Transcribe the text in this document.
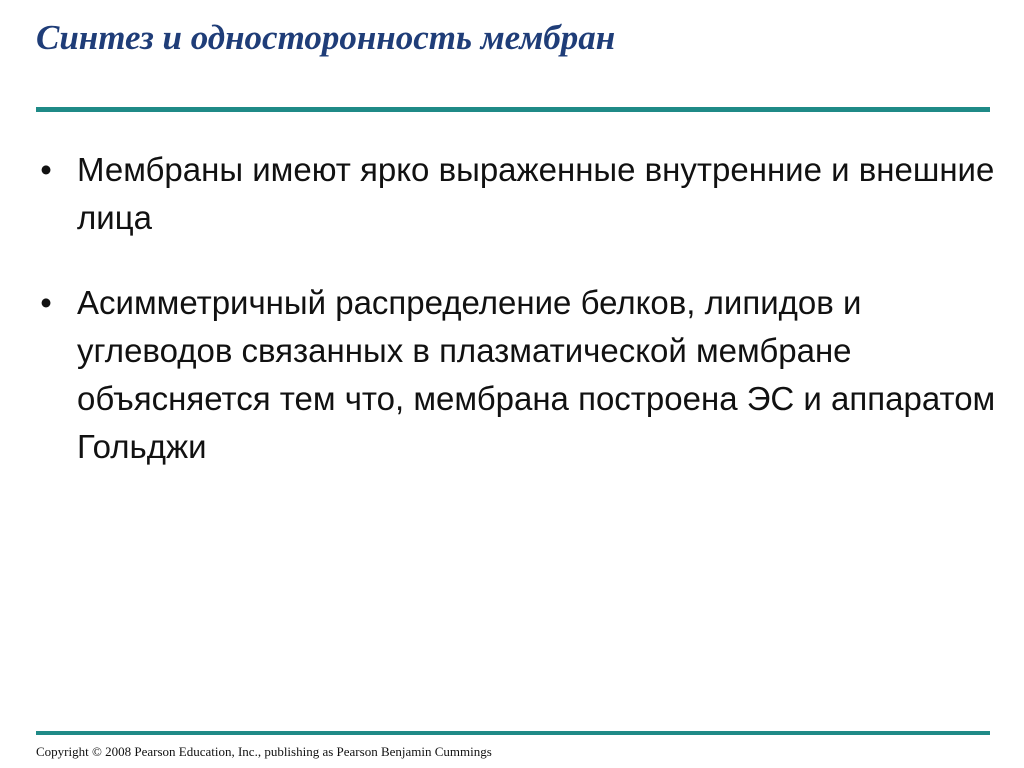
Синтез и односторонность мембран
• Мембраны имеют ярко выраженные внутренние и внешние лица
• Асимметричный распределение белков, липидов и углеводов связанных в плазматической мембране объясняется тем что, мембрана построена ЭС и аппаратом Гольджи

Copyright © 2008 Pearson Education, Inc., publishing as Pearson Benjamin Cummings
